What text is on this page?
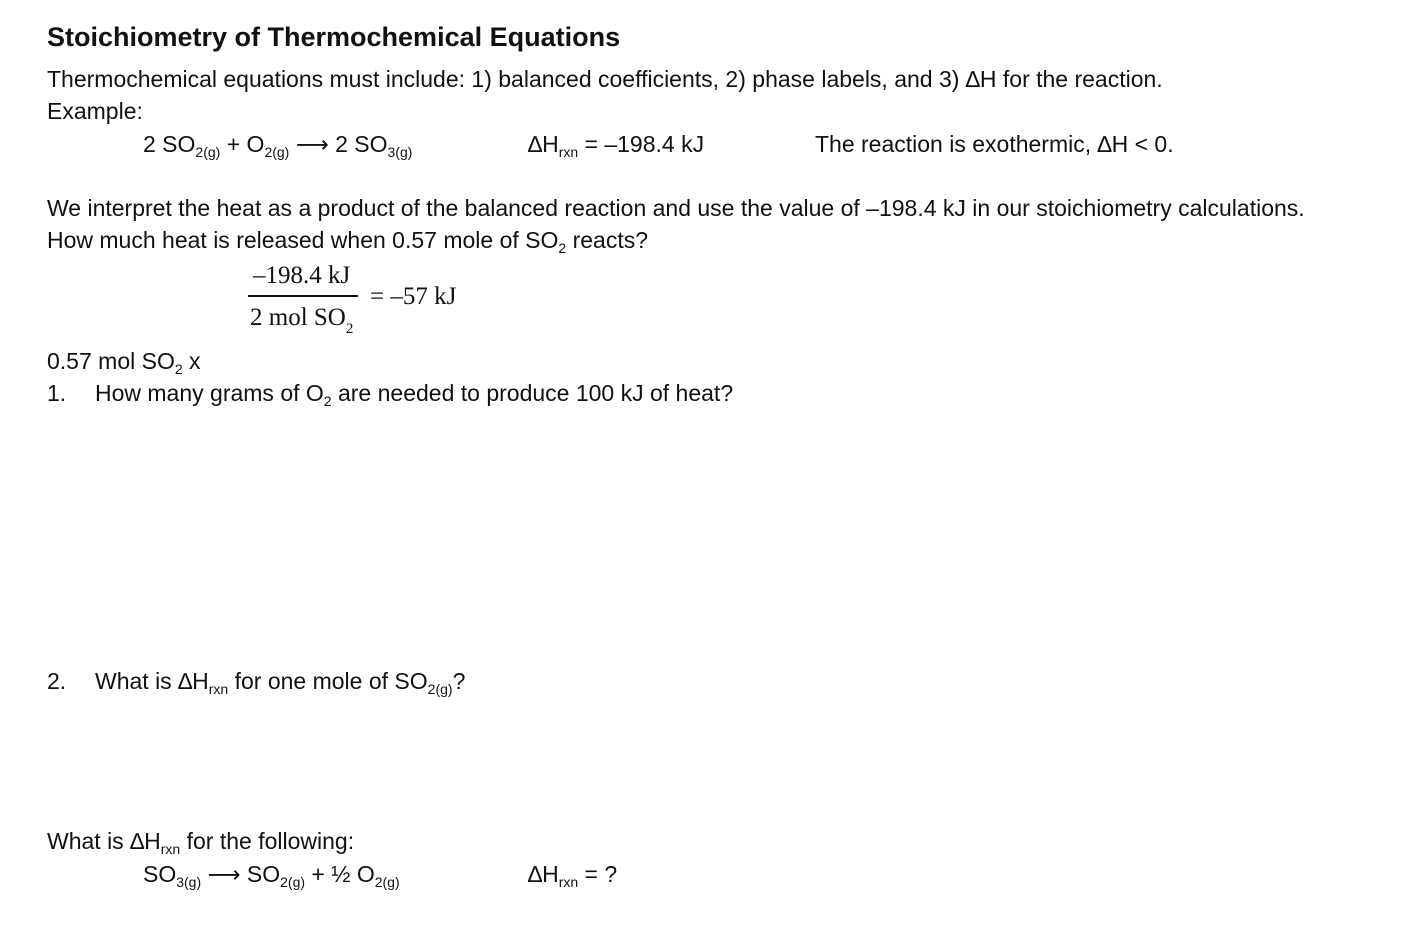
Stoichiometry of Thermochemical Equations
Thermochemical equations must include: 1) balanced coefficients, 2) phase labels, and 3) ∆H for the reaction.
Example:
2 $SO_{2(g)} + O_{2(g)}$ ⟶ 2 $SO_{3(g)}$	$\Delta H_{rxn} = -198.4$ kJ	The reaction is exothermic, ∆H < 0.
We interpret the heat as a product of the balanced reaction and use the value of –198.4 kJ in our stoichiometry calculations.
How much heat is released when 0.57 mole of $SO_2$ reacts?
–198.4 kJ
2 mol $SO_2$
= –57 kJ
0.57 mol $SO_2$ x
1. How many grams of $O_2$ are needed to produce 100 kJ of heat?
2. What is $\Delta H_{rxn}$ for one mole of $SO_{2(g)}$?
What is $\Delta H_{rxn}$ for the following:
$SO_{3(g)}$ ⟶ $SO_{2(g)}$ + ½ $O_{2(g)}$	$\Delta H_{rxn}$ = ?
